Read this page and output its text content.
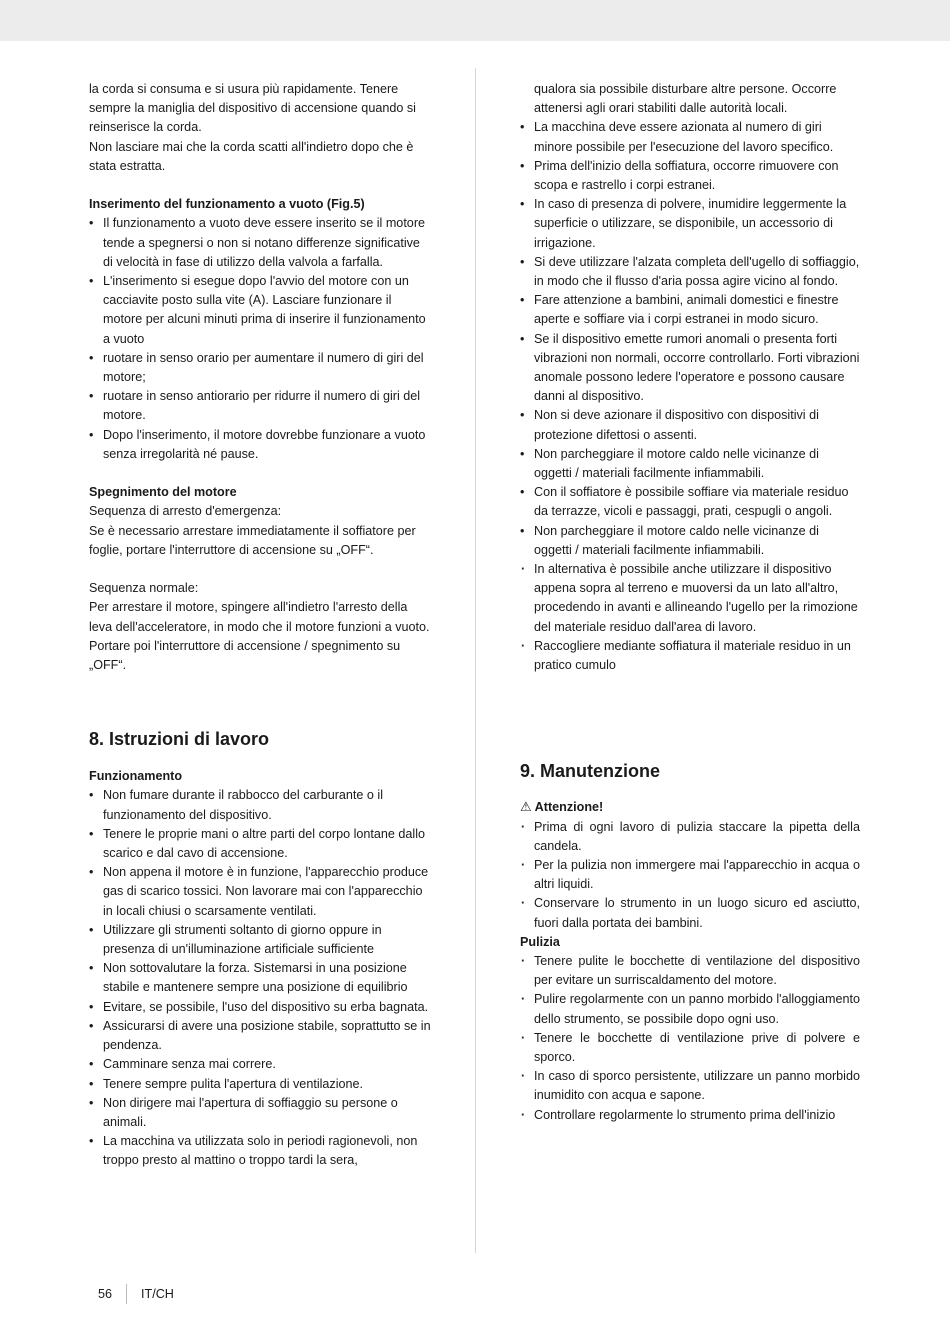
la corda si consuma e si usura più rapidamente. Tenere sempre la maniglia del dispositivo di accensione quando si reinserisce la corda.

Non lasciare mai che la corda scatti all'indietro dopo che è stata estratta.

Inserimento del funzionamento a vuoto (Fig.5)

• Il funzionamento a vuoto deve essere inserito se il motore tende a spegnersi o non si notano differenze significative di velocità in fase di utilizzo della valvola a farfalla.
• L'inserimento si esegue dopo l'avvio del motore con un cacciavite posto sulla vite (A). Lasciare funzionare il motore per alcuni minuti prima di inserire il funzionamento a vuoto
• ruotare in senso orario per aumentare il numero di giri del motore;
• ruotare in senso antiorario per ridurre il numero di giri del motore.
• Dopo l'inserimento, il motore dovrebbe funzionare a vuoto senza irregolarità né pause.

Spegnimento del motore

Sequenza di arresto d'emergenza:

Se è necessario arrestare immediatamente il soffiatore per foglie, portare l'interruttore di accensione su „OFF“.

Sequenza normale:

Per arrestare il motore, spingere all'indietro l'arresto della leva dell'acceleratore, in modo che il motore funzioni a vuoto. Portare poi l'interruttore di accensione / spegnimento su „OFF“.

8. Istruzioni di lavoro

Funzionamento

• Non fumare durante il rabbocco del carburante o il funzionamento del dispositivo.
• Tenere le proprie mani o altre parti del corpo lontane dallo scarico e dal cavo di accensione.
• Non appena il motore è in funzione, l'apparecchio produce gas di scarico tossici. Non lavorare mai con l'apparecchio in locali chiusi o scarsamente ventilati.
• Utilizzare gli strumenti soltanto di giorno oppure in presenza di un'illuminazione artificiale sufficiente
• Non sottovalutare la forza. Sistemarsi in una posizione stabile e mantenere sempre una posizione di equilibrio
• Evitare, se possibile, l'uso del dispositivo su erba bagnata.
• Assicurarsi di avere una posizione stabile, soprattutto se in pendenza.
• Camminare senza mai correre.
• Tenere sempre pulita l'apertura di ventilazione.
• Non dirigere mai l'apertura di soffiaggio su persone o animali.
• La macchina va utilizzata solo in periodi ragionevoli, non troppo presto al mattino o troppo tardi la sera,

qualora sia possibile disturbare altre persone. Occorre attenersi agli orari stabiliti dalle autorità locali.

• La macchina deve essere azionata al numero di giri minore possibile per l'esecuzione del lavoro specifico.
• Prima dell'inizio della soffiatura, occorre rimuovere con scopa e rastrello i corpi estranei.
• In caso di presenza di polvere, inumidire leggermente la superficie o utilizzare, se disponibile, un accessorio di irrigazione.
• Si deve utilizzare l'alzata completa dell'ugello di soffiaggio, in modo che il flusso d'aria possa agire vicino al fondo.
• Fare attenzione a bambini, animali domestici e finestre aperte e soffiare via i corpi estranei in modo sicuro.
• Se il dispositivo emette rumori anomali o presenta forti vibrazioni non normali, occorre controllarlo. Forti vibrazioni anomale possono ledere l'operatore e possono causare danni al dispositivo.
• Non si deve azionare il dispositivo con dispositivi di protezione difettosi o assenti.
• Non parcheggiare il motore caldo nelle vicinanze di oggetti / materiali facilmente infiammabili.
• Con il soffiatore è possibile soffiare via materiale residuo da terrazze, vicoli e passaggi, prati, cespugli o angoli.
• Non parcheggiare il motore caldo nelle vicinanze di oggetti / materiali facilmente infiammabili.
· In alternativa è possibile anche utilizzare il dispositivo appena sopra al terreno e muoversi da un lato all'altro, procedendo in avanti e allineando l'ugello per la rimozione del materiale residuo dall'area di lavoro.
· Raccogliere mediante soffiatura il materiale residuo in un pratico cumulo
9. Manutenzione

⚠ Attenzione!

· Prima di ogni lavoro di pulizia staccare la pipetta della candela.
· Per la pulizia non immergere mai l'apparecchio in acqua o altri liquidi.
· Conservare lo strumento in un luogo sicuro ed asciutto, fuori dalla portata dei bambini.

Pulizia

· Tenere pulite le bocchette di ventilazione del dispositivo per evitare un surriscaldamento del motore.
· Pulire regolarmente con un panno morbido l'alloggiamento dello strumento, se possibile dopo ogni uso.
· Tenere le bocchette di ventilazione prive di polvere e sporco.
· In caso di sporco persistente, utilizzare un panno morbido inumidito con acqua e sapone.
· Controllare regolarmente lo strumento prima dell'inizio
56 IT/CH
